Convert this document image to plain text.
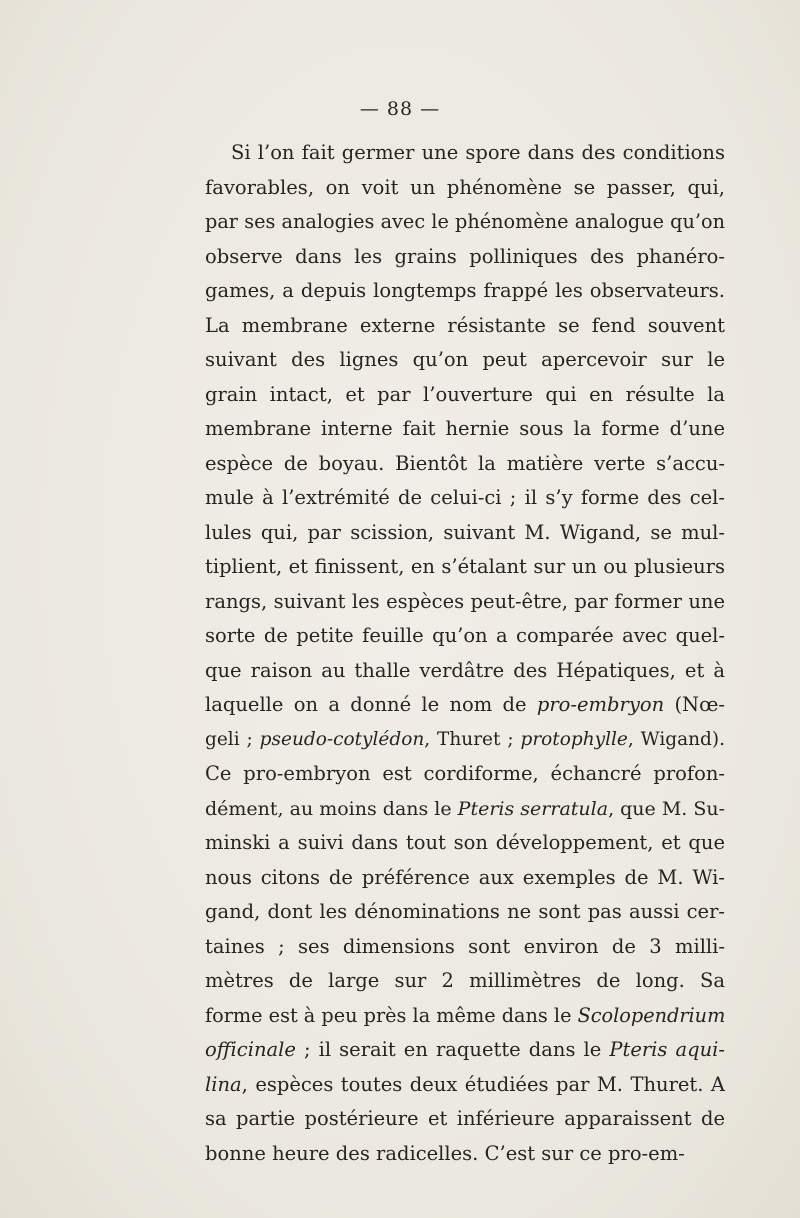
— 88 —
Si l’on fait germer une spore dans des conditions
favorables, on voit un phénomène se passer, qui,
par ses analogies avec le phénomène analogue qu’on
observe dans les grains polliniques des phanéro-
games, a depuis longtemps frappé les observateurs.
La membrane externe résistante se fend souvent
suivant des lignes qu’on peut apercevoir sur le
grain intact, et par l’ouverture qui en résulte la
membrane interne fait hernie sous la forme d’une
espèce de boyau. Bientôt la matière verte s’accu-
mule à l’extrémité de celui-ci ; il s’y forme des cel-
lules qui, par scission, suivant M. Wigand, se mul-
tiplient, et finissent, en s’étalant sur un ou plusieurs
rangs, suivant les espèces peut-être, par former une
sorte de petite feuille qu’on a comparée avec quel-
que raison au thalle verdâtre des Hépatiques, et à
laquelle on a donné le nom de pro-embryon (Nœ-
geli ; pseudo-cotylédon, Thuret ; protophylle, Wigand).
Ce pro-embryon est cordiforme, échancré profon-
dément, au moins dans le Pteris serratula, que M. Su-
minski a suivi dans tout son développement, et que
nous citons de préférence aux exemples de M. Wi-
gand, dont les dénominations ne sont pas aussi cer-
taines ; ses dimensions sont environ de 3 milli-
mètres de large sur 2 millimètres de long. Sa
forme est à peu près la même dans le Scolopendrium
officinale ; il serait en raquette dans le Pteris aqui-
lina, espèces toutes deux étudiées par M. Thuret. A
sa partie postérieure et inférieure apparaissent de
bonne heure des radicelles. C’est sur ce pro-em-
